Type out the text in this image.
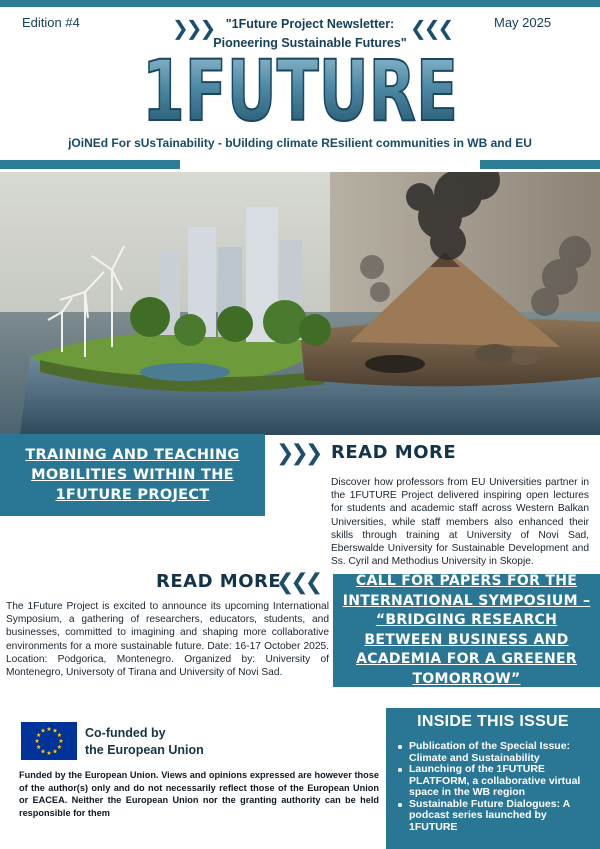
Edition #4	May 2025
❯❯❯	❮❮❮
"1Future Project Newsletter:
Pioneering Sustainable Futures"
1FUTURE
jOiNEd For sUsTainability - bUilding climate REsilient communities in WB and EU
TRAINING AND TEACHING MOBILITIES WITHIN THE 1FUTURE PROJECT
❯❯❯ READ MORE
Discover how professors from EU Universities partner in the 1FUTURE Project delivered inspiring open lectures for students and academic staff across Western Balkan Universities, while staff members also enhanced their skills through training at University of Novi Sad, Eberswalde University for Sustainable Development and Ss. Cyril and Methodius University in Skopje.
READ MORE
❮❮❮
The 1Future Project is excited to announce its upcoming International Symposium, a gathering of researchers, educators, students, and businesses, committed to imagining and shaping more collaborative environments for a more sustainable future. Date: 16-17 October 2025. Location: Podgorica, Montenegro. Organized by: University of Montenegro, Universoty of Tirana and University of Novi Sad.
CALL FOR PAPERS FOR THE INTERNATIONAL SYMPOSIUM – “BRIDGING RESEARCH BETWEEN BUSINESS AND ACADEMIA FOR A GREENER TOMORROW”
Co-funded by
the European Union
Funded by the European Union. Views and opinions expressed are however those of the author(s) only and do not necessarily reflect those of the European Union or EACEA. Neither the European Union nor the granting authority can be held responsible for them
INSIDE THIS ISSUE
Publication of the Special Issue: Climate and Sustainability
Launching of the 1FUTURE PLATFORM, a collaborative virtual space in the WB region
Sustainable Future Dialogues: A podcast series launched by 1FUTURE
